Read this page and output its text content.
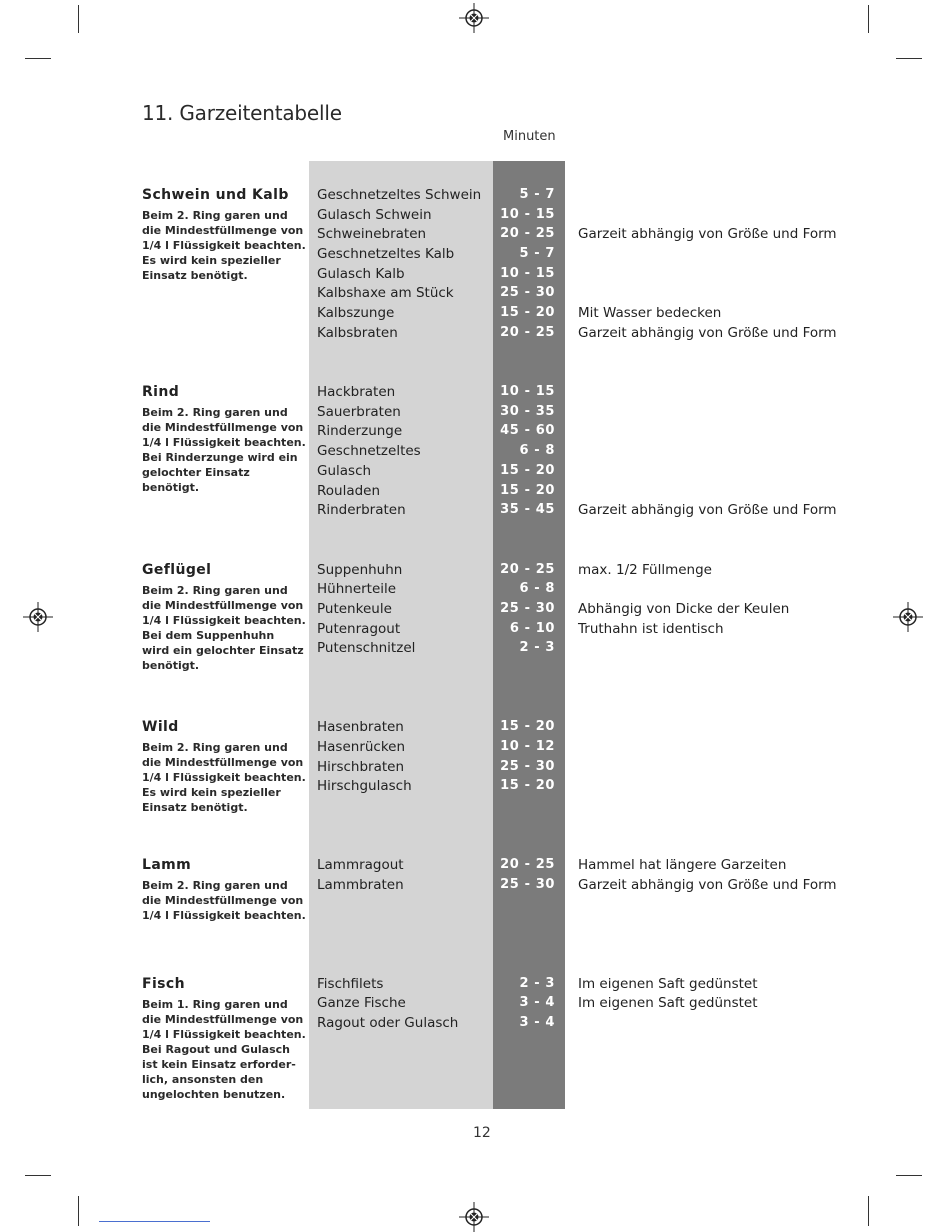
11. Garzeitentabelle
Minuten
Schwein und Kalb
Beim 2. Ring garen und
die Mindestfüllmenge von
1/4 l Flüssigkeit beachten.
Es wird kein spezieller
Einsatz benötigt.
Geschnetzeltes Schwein	5 - 7
Gulasch Schwein	10 - 15
Schweinebraten	20 - 25 Garzeit abhängig von Größe und Form
Geschnetzeltes Kalb	5 - 7
Gulasch Kalb	10 - 15
Kalbshaxe am Stück	25 - 30
Kalbszunge	15 - 20 Mit Wasser bedecken
Kalbsbraten	20 - 25 Garzeit abhängig von Größe und Form
Rind
Beim 2. Ring garen und
die Mindestfüllmenge von
1/4 l Flüssigkeit beachten.
Bei Rinderzunge wird ein
gelochter Einsatz benötigt.
Hackbraten	10 - 15
Sauerbraten	30 - 35
Rinderzunge	45 - 60
Geschnetzeltes	6 - 8
Gulasch	15 - 20
Rouladen	15 - 20
Rinderbraten	35 - 45 Garzeit abhängig von Größe und Form
Geflügel
Beim 2. Ring garen und
die Mindestfüllmenge von
1/4 l Flüssigkeit beachten.
Bei dem Suppenhuhn
wird ein gelochter Einsatz
benötigt.
Suppenhuhn	20 - 25 max. 1/2 Füllmenge
Hühnerteile	6 - 8
Putenkeule	25 - 30 Abhängig von Dicke der Keulen
Putenragout	6 - 10 Truthahn ist identisch
Putenschnitzel	2 - 3
Wild
Beim 2. Ring garen und
die Mindestfüllmenge von
1/4 l Flüssigkeit beachten.
Es wird kein spezieller
Einsatz benötigt.
Hasenbraten	15 - 20
Hasenrücken	10 - 12
Hirschbraten	25 - 30
Hirschgulasch	15 - 20
Lamm
Beim 2. Ring garen und
die Mindestfüllmenge von
1/4 l Flüssigkeit beachten.
Lammragout	20 - 25 Hammel hat längere Garzeiten
Lammbraten	25 - 30 Garzeit abhängig von Größe und Form
Fisch
Beim 1. Ring garen und
die Mindestfüllmenge von
1/4 l Flüssigkeit beachten.
Bei Ragout und Gulasch
ist kein Einsatz erforder-
lich, ansonsten den
ungelochten benutzen.
Fischfilets	2 - 3 Im eigenen Saft gedünstet
Ganze Fische	3 - 4 Im eigenen Saft gedünstet
Ragout oder Gulasch	3 - 4
12
